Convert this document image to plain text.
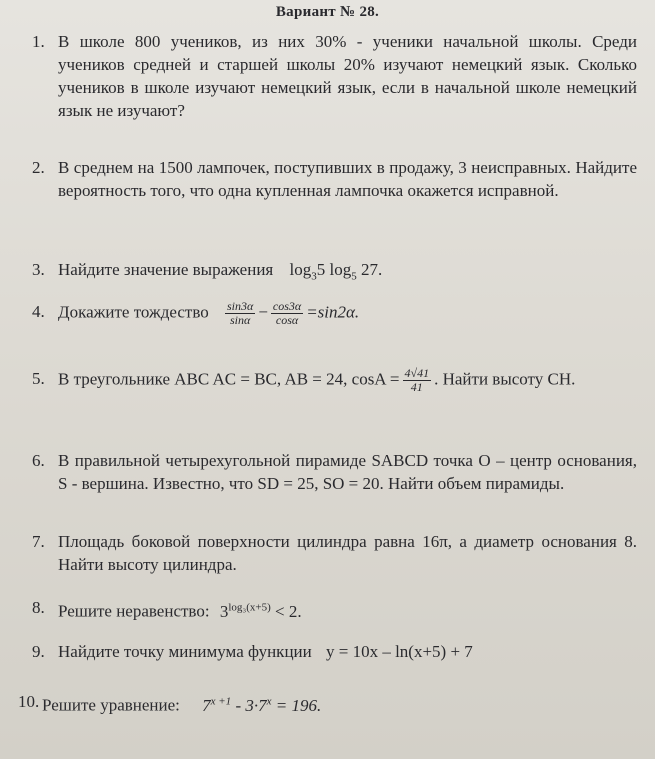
Вариант № 28.
1. В школе 800 учеников, из них 30% - ученики начальной школы. Среди учеников средней и старшей школы 20% изучают немецкий язык. Сколько учеников в школе изучают немецкий язык, если в начальной школе немецкий язык не изучают?
2. В среднем на 1500 лампочек, поступивших в продажу, 3 неисправных. Найдите вероятность того, что одна купленная лампочка окажется исправной.
3. Найдите значение выражения $\log_35$ $\log_5 27$.
4. Докажите тождество $\frac{\sin 3\alpha}{\sin\alpha} - \frac{\cos 3\alpha}{\cos\alpha} =\sin 2\alpha$.
5. В треугольнике ABC AC = BC, AB = 24, $\cos A = \frac{4√41}{41}$ . Найти высоту CH.
6. В правильной четырехугольной пирамиде SABCD точка O – центр основания, S - вершина. Известно, что SD = 25, SO = 20. Найти объем пирамиды.
7. Площадь боковой поверхности цилиндра равна 16π, а диаметр основания 8. Найти высоту цилиндра.
8. Решите неравенство: $3^{log_3(x+5)} < 2$.
9. Найдите точку минимума функции y = 10x – ln(x+5) + 7
10. Решите уравнение: $7^{x +1} - 3\cdot 7^x = 196$.
